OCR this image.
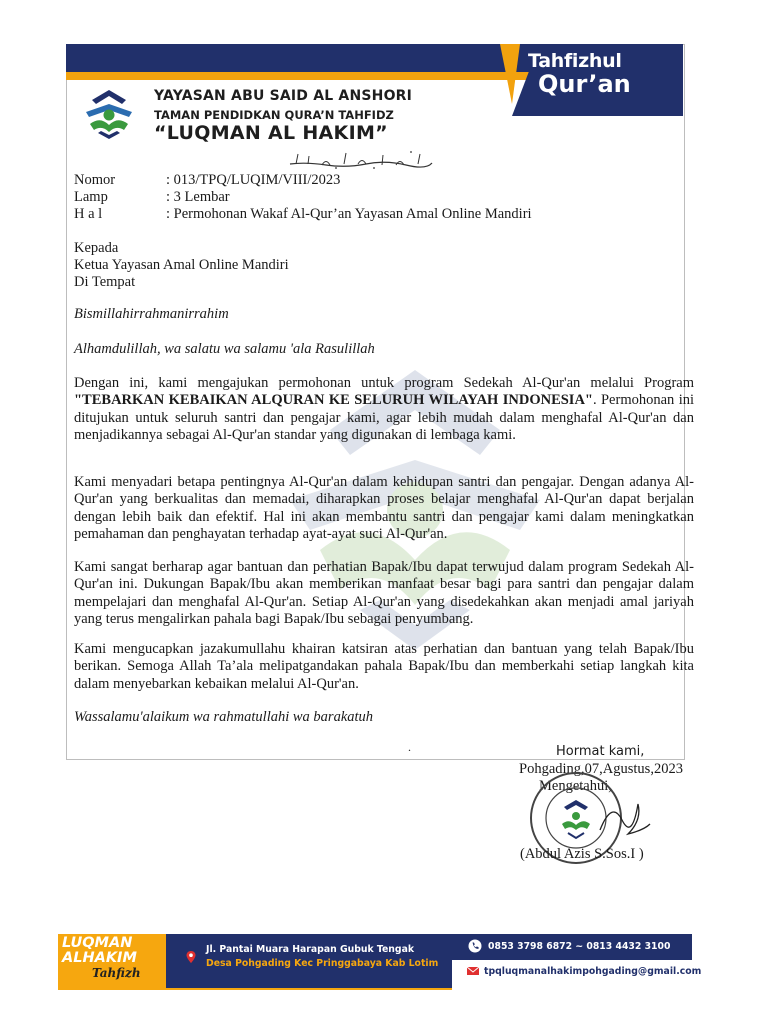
Tahfizhul
Qur’an
YAYASAN ABU SAID AL ANSHORI
TAMAN PENDIDKAN QURA’N TAHFIDZ
“LUQMAN AL HAKIM”
Nomor	: 013/TPQ/LUQIM/VIII/2023
Lamp	: 3 Lembar
H a l	: Permohonan Wakaf Al-Qur’an Yayasan Amal Online Mandiri
Kepada
Ketua Yayasan Amal Online Mandiri
Di Tempat
Bismillahirrahmanirrahim
Alhamdulillah, wa salatu wa salamu 'ala Rasulillah

Dengan ini, kami mengajukan permohonan untuk program Sedekah Al-Qur'an melalui Program "TEBARKAN KEBAIKAN ALQURAN KE SELURUH WILAYAH INDONESIA". Permohonan ini ditujukan untuk seluruh santri dan pengajar kami, agar lebih mudah dalam menghafal Al-Qur'an dan menjadikannya sebagai Al-Qur'an standar yang digunakan di lembaga kami.

Kami menyadari betapa pentingnya Al-Qur'an dalam kehidupan santri dan pengajar. Dengan adanya Al-Qur'an yang berkualitas dan memadai, diharapkan proses belajar menghafal Al-Qur'an dapat berjalan dengan lebih baik dan efektif. Hal ini akan membantu santri dan pengajar kami dalam meningkatkan pemahaman dan penghayatan terhadap ayat-ayat suci Al-Qur'an.

Kami sangat berharap agar bantuan dan perhatian Bapak/Ibu dapat terwujud dalam program Sedekah Al-Qur'an ini. Dukungan Bapak/Ibu akan memberikan manfaat besar bagi para santri dan pengajar dalam mempelajari dan menghafal Al-Qur'an. Setiap Al-Qur'an yang disedekahkan akan menjadi amal jariyah yang terus mengalirkan pahala bagi Bapak/Ibu sebagai penyumbang.

Kami mengucapkan jazakumullahu khairan katsiran atas perhatian dan bantuan yang telah Bapak/Ibu berikan. Semoga Allah Ta’ala melipatgandakan pahala Bapak/Ibu dan memberkahi setiap langkah kita dalam menyebarkan kebaikan melalui Al-Qur'an.

Wassalamu'alaikum wa rahmatullahi wa barakatuh
.	Hormat kami,
Pohgading,07,Agustus,2023
Mengetahui,
(Abdul Azis S.Sos.I )
LUQMAN
ALHAKIM
Tahfizh
Jl. Pantai Muara Harapan Gubuk Tengak
Desa Pohgading Kec Pringgabaya Kab Lotim
0853 3798 6872 ~ 0813 4432 3100
tpqluqmanalhakimpohgading@gmail.com
